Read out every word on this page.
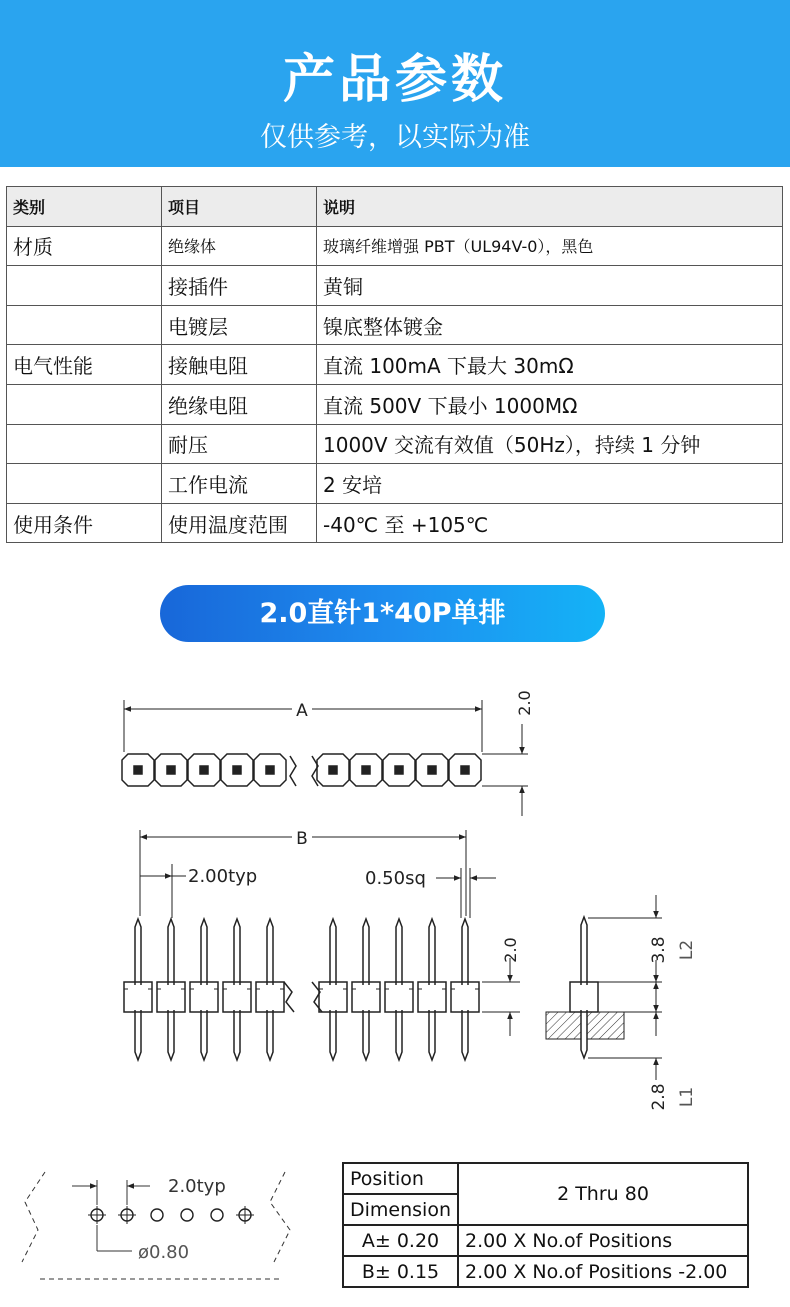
产品参数
仅供参考，以实际为准
类别	项目	说明
材质	绝缘体	玻璃纤维增强 PBT（UL94V-0），黑色
	接插件	黄铜
	电镀层	镍底整体镀金
电气性能	接触电阻	直流 100mA 下最大 30mΩ
	绝缘电阻	直流 500V 下最小 1000MΩ
	耐压	1000V 交流有效值（50Hz），持续 1 分钟
	工作电流	2 安培
使用条件	使用温度范围	-40℃ 至 +105℃
2.0直针1*40P单排
A	2.0
B
2.00typ	0.50sq
2.0	3.8 L2
2.8 L1
2.0typ
ø0.80
Position	2 Thru 80
Dimension	
A± 0.20	2.00 X No.of Positions
B± 0.15	2.00 X No.of Positions -2.00
